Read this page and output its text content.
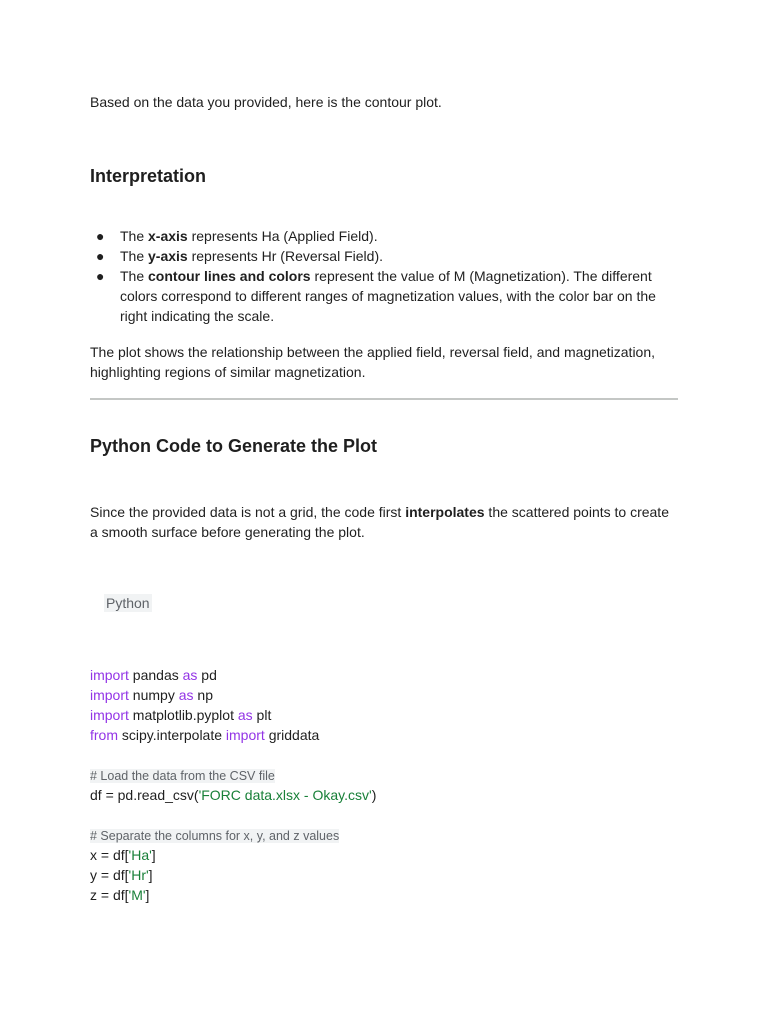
Based on the data you provided, here is the contour plot.

Interpretation
● The x-axis represents Ha (Applied Field).
● The y-axis represents Hr (Reversal Field).
● The contour lines and colors represent the value of M (Magnetization). The different colors correspond to different ranges of magnetization values, with the color bar on the right indicating the scale.

The plot shows the relationship between the applied field, reversal field, and magnetization, highlighting regions of similar magnetization.

Python Code to Generate the Plot

Since the provided data is not a grid, the code first interpolates the scattered points to create a smooth surface before generating the plot.

Python
import pandas as pd
import numpy as np
import matplotlib.pyplot as plt
from scipy.interpolate import griddata
# Load the data from the CSV file
df = pd.read_csv('FORC data.xlsx - Okay.csv')
# Separate the columns for x, y, and z values
x = df['Ha']
y = df['Hr']
z = df['M']
